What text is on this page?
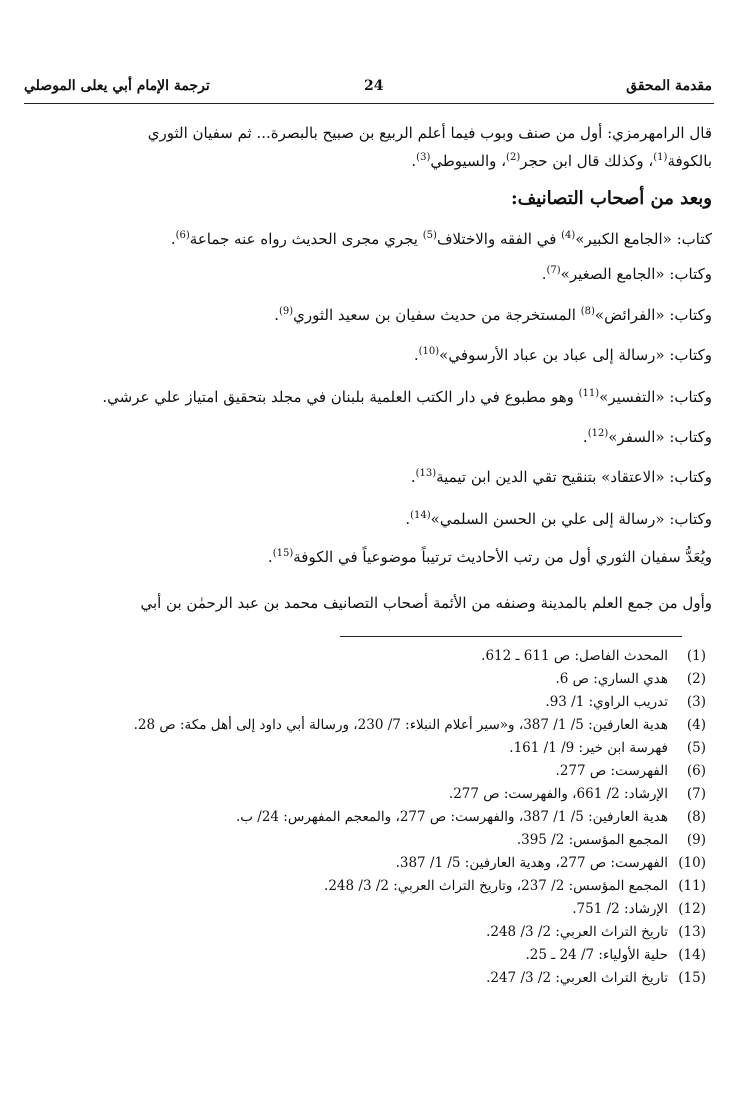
مقدمة المحقق
24
ترجمة الإمام أبي يعلى الموصلي
قال الرامهرمزي: أول من صنف وبوب فيما أعلم الربيع بن صبيح بالبصرة... ثم سفيان الثوري
بالكوفة$^{(1)}$، وكذلك قال ابن حجر$^{(2)}$، والسيوطي$^{(3)}$.
وبعد من أصحاب التصانيف:
كتاب: «الجامع الكبير»$^{(4)}$ في الفقه والاختلاف$^{(5)}$ يجري مجرى الحديث رواه عنه جماعة$^{(6)}$.
وكتاب: «الجامع الصغير»$^{(7)}$.
وكتاب: «الفرائض»$^{(8)}$ المستخرجة من حديث سفيان بن سعيد الثوري$^{(9)}$.
وكتاب: «رسالة إلى عباد بن عباد الأرسوفي»$^{(10)}$.
وكتاب: «التفسير»$^{(11)}$ وهو مطبوع في دار الكتب العلمية بلبنان في مجلد بتحقيق امتياز علي عرشي.
وكتاب: «السفر»$^{(12)}$.
وكتاب: «الاعتقاد» بتنقيح تقي الدين ابن تيمية$^{(13)}$.
وكتاب: «رسالة إلى علي بن الحسن السلمي»$^{(14)}$.
ويُعَدُّ سفيان الثوري أول من رتب الأحاديث ترتيباً موضوعياً في الكوفة$^{(15)}$.
وأول من جمع العلم بالمدينة وصنفه من الأئمة أصحاب التصانيف محمد بن عبد الرحمٰن بن أبي
(1)
المحدث الفاصل: ص 611 ـ 612.
(2)
هدي الساري: ص 6.
(3)
تدريب الراوي: 1/ 93.
(4)
هدية العارفين: 5/ 1/ 387، و«سير أعلام النبلاء: 7/ 230، ورسالة أبي داود إلى أهل مكة: ص 28.
(5)
فهرسة ابن خير: 9/ 1/ 161.
(6)
الفهرست: ص 277.
(7)
الإرشاد: 2/ 661، والفهرست: ص 277.
(8)
هدية العارفين: 5/ 1/ 387، والفهرست: ص 277، والمعجم المفهرس: 24/ ب.
(9)
المجمع المؤسس: 2/ 395.
(10)
الفهرست: ص 277، وهدية العارفين: 5/ 1/ 387.
(11)
المجمع المؤسس: 2/ 237، وتاريخ التراث العربي: 2/ 3/ 248.
(12)
الإرشاد: 2/ 751.
(13)
تاريخ التراث العربي: 2/ 3/ 248.
(14)
حلية الأولياء: 7/ 24 ـ 25.
(15)
تاريخ التراث العربي: 2/ 3/ 247.
